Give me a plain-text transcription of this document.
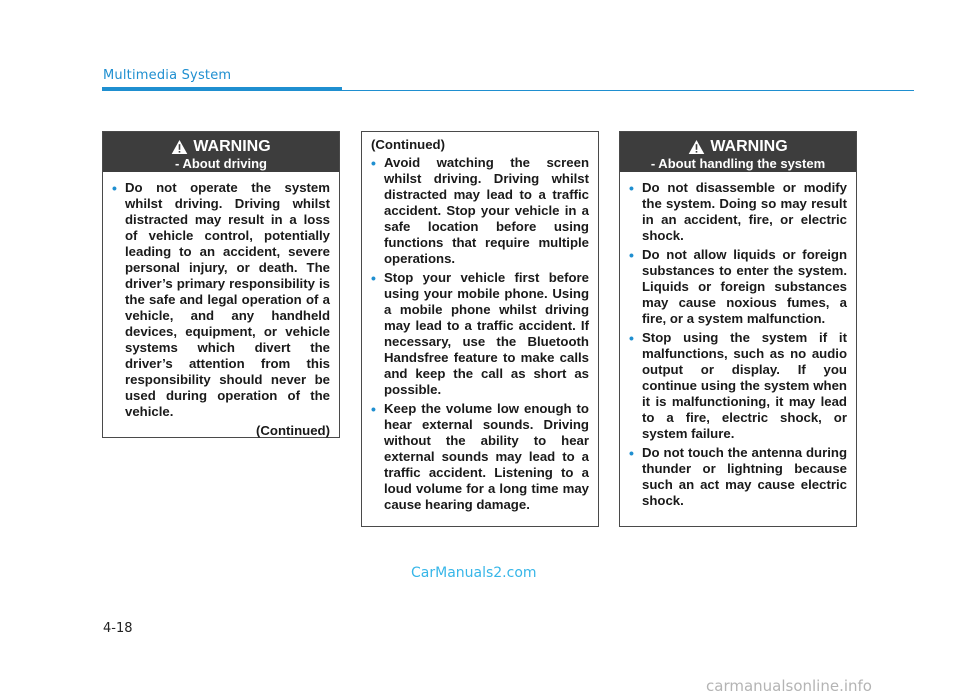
Multimedia System
WARNING
- About driving
• Do not operate the system whilst driving. Driving whilst distracted may result in a loss of vehicle control, potentially leading to an accident, severe personal injury, or death. The driver’s primary responsibility is the safe and legal operation of a vehicle, and any handheld devices, equipment, or vehicle systems which divert the driver’s attention from this responsibility should never be used during operation of the vehicle.
(Continued)
(Continued)
• Avoid watching the screen whilst driving. Driving whilst distracted may lead to a traffic accident. Stop your vehicle in a safe location before using functions that require multiple operations.
• Stop your vehicle first before using your mobile phone. Using a mobile phone whilst driving may lead to a traffic accident. If necessary, use the Bluetooth Handsfree feature to make calls and keep the call as short as possible.
• Keep the volume low enough to hear external sounds. Driving without the ability to hear external sounds may lead to a traffic accident. Listening to a loud volume for a long time may cause hearing damage.
WARNING
- About handling the system
• Do not disassemble or modify the system. Doing so may result in an accident, fire, or electric shock.
• Do not allow liquids or foreign substances to enter the system. Liquids or foreign substances may cause noxious fumes, a fire, or a system malfunction.
• Stop using the system if it malfunctions, such as no audio output or display. If you continue using the system when it is malfunctioning, it may lead to a fire, electric shock, or system failure.
• Do not touch the antenna during thunder or lightning because such an act may cause electric shock.
CarManuals2.com
4-18
carmanualsonline.info
